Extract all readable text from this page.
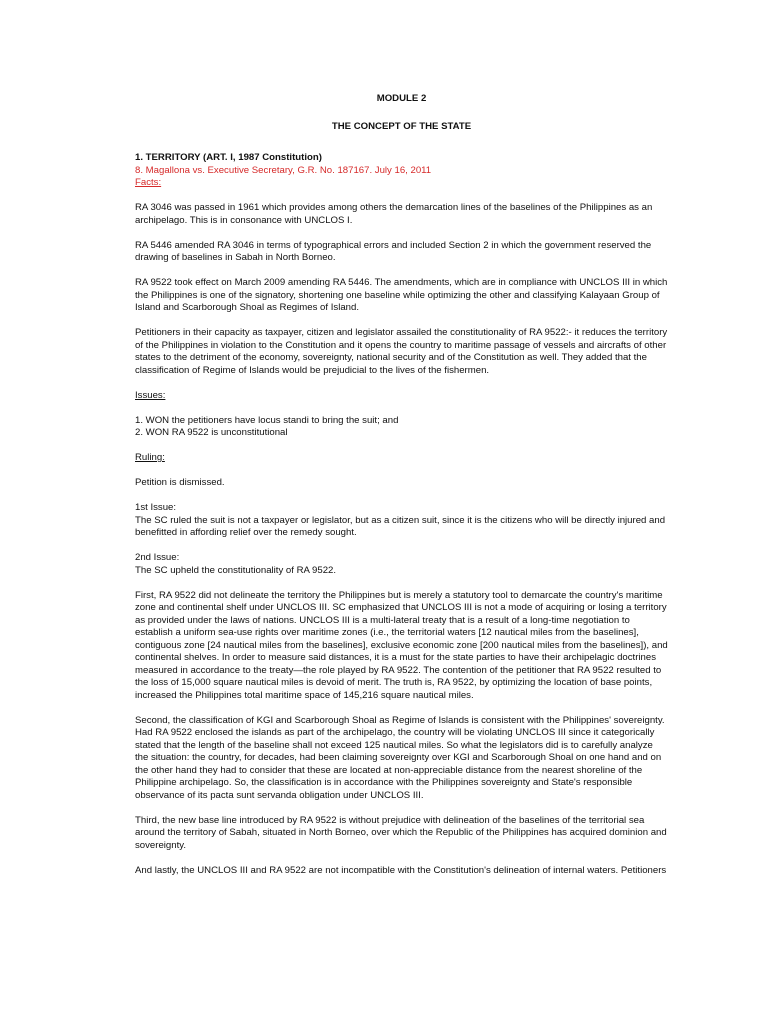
MODULE 2
THE CONCEPT OF THE STATE
1. TERRITORY (ART. I, 1987 Constitution)
8. Magallona vs. Executive Secretary, G.R. No. 187167. July 16, 2011

Facts:

RA 3046 was passed in 1961 which provides among others the demarcation lines of the baselines of the Philippines as an archipelago. This is in consonance with UNCLOS I.

RA 5446 amended RA 3046 in terms of typographical errors and included Section 2 in which the government reserved the drawing of baselines in Sabah in North Borneo.

RA 9522 took effect on March 2009 amending RA 5446. The amendments, which are in compliance with UNCLOS III in which the Philippines is one of the signatory, shortening one baseline while optimizing the other and classifying Kalayaan Group of Island and Scarborough Shoal as Regimes of Island.

Petitioners in their capacity as taxpayer, citizen and legislator assailed the constitutionality of RA 9522:- it reduces the territory of the Philippines in violation to the Constitution and it opens the country to maritime passage of vessels and aircrafts of other states to the detriment of the economy, sovereignty, national security and of the Constitution as well. They added that the classification of Regime of Islands would be prejudicial to the lives of the fishermen.

Issues:

1. WON the petitioners have locus standi to bring the suit; and

2. WON RA 9522 is unconstitutional

Ruling:

Petition is dismissed.

1st Issue:

The SC ruled the suit is not a taxpayer or legislator, but as a citizen suit, since it is the citizens who will be directly injured and benefitted in affording relief over the remedy sought.

2nd Issue:

The SC upheld the constitutionality of RA 9522.

First, RA 9522 did not delineate the territory the Philippines but is merely a statutory tool to demarcate the country's maritime zone and continental shelf under UNCLOS III. SC emphasized that UNCLOS III is not a mode of acquiring or losing a territory as provided under the laws of nations. UNCLOS III is a multi-lateral treaty that is a result of a long-time negotiation to establish a uniform sea-use rights over maritime zones (i.e., the territorial waters [12 nautical miles from the baselines], contiguous zone [24 nautical miles from the baselines], exclusive economic zone [200 nautical miles from the baselines]), and continental shelves. In order to measure said distances, it is a must for the state parties to have their archipelagic doctrines measured in accordance to the treaty—the role played by RA 9522. The contention of the petitioner that RA 9522 resulted to the loss of 15,000 square nautical miles is devoid of merit. The truth is, RA 9522, by optimizing the location of base points, increased the Philippines total maritime space of 145,216 square nautical miles.

Second, the classification of KGI and Scarborough Shoal as Regime of Islands is consistent with the Philippines' sovereignty. Had RA 9522 enclosed the islands as part of the archipelago, the country will be violating UNCLOS III since it categorically stated that the length of the baseline shall not exceed 125 nautical miles. So what the legislators did is to carefully analyze the situation: the country, for decades, had been claiming sovereignty over KGI and Scarborough Shoal on one hand and on the other hand they had to consider that these are located at non-appreciable distance from the nearest shoreline of the Philippine archipelago. So, the classification is in accordance with the Philippines sovereignty and State's responsible observance of its pacta sunt servanda obligation under UNCLOS III.

Third, the new base line introduced by RA 9522 is without prejudice with delineation of the baselines of the territorial sea around the territory of Sabah, situated in North Borneo, over which the Republic of the Philippines has acquired dominion and sovereignty.

And lastly, the UNCLOS III and RA 9522 are not incompatible with the Constitution's delineation of internal waters. Petitioners
